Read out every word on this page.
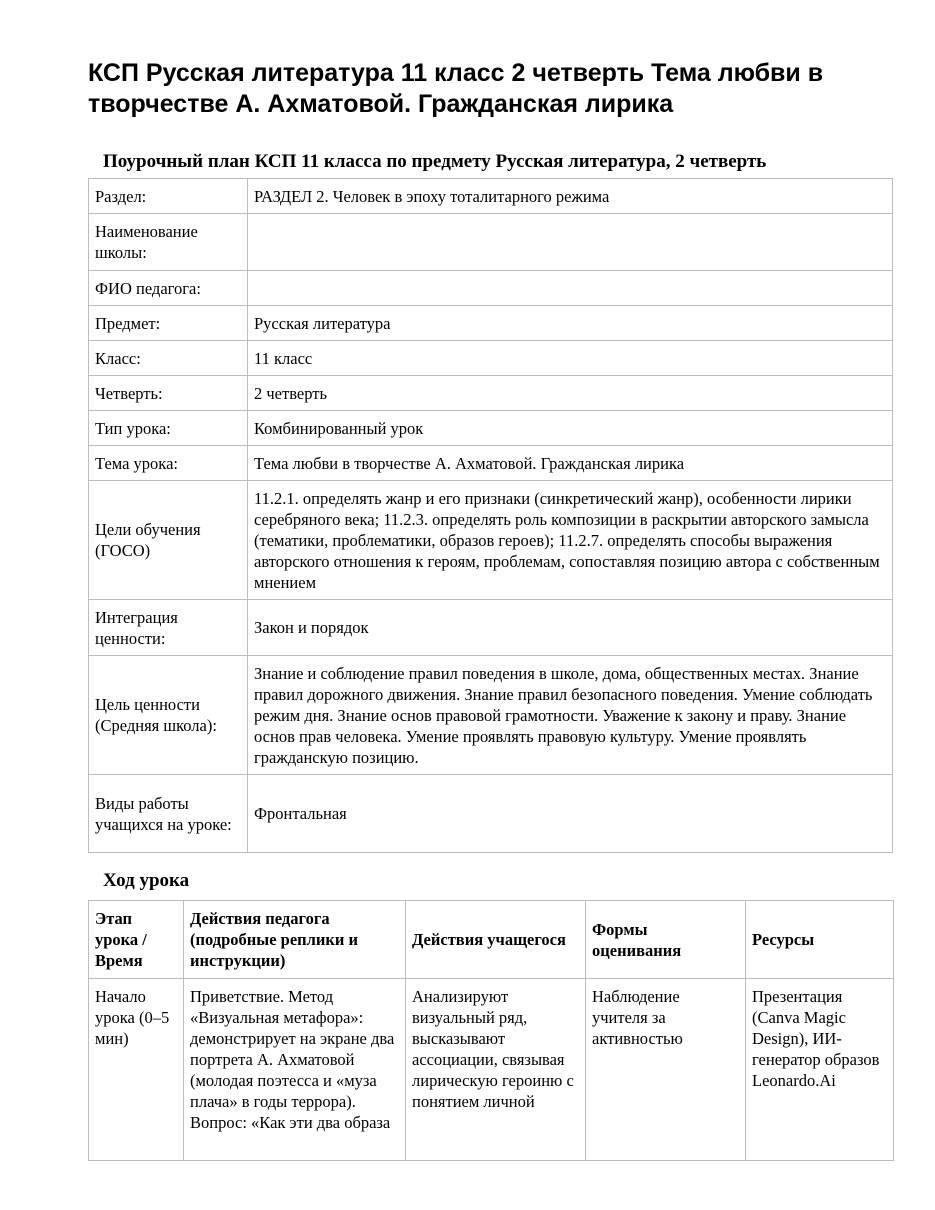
КСП Русская литература 11 класс 2 четверть Тема любви в творчестве А. Ахматовой. Гражданская лирика
Поурочный план КСП 11 класса по предмету Русская литература, 2 четверть
Раздел:	РАЗДЕЛ 2. Человек в эпоху тоталитарного режима
Наименование школы:	
ФИО педагога:	
Предмет:	Русская литература
Класс:	11 класс
Четверть:	2 четверть
Тип урока:	Комбинированный урок
Тема урока:	Тема любви в творчестве А. Ахматовой. Гражданская лирика
Цели обучения (ГОСО)	11.2.1. определять жанр и его признаки (синкретический жанр), особенности лирики серебряного века; 11.2.3. определять роль композиции в раскрытии авторского замысла (тематики, проблематики, образов героев); 11.2.7. определять способы выражения авторского отношения к героям, проблемам, сопоставляя позицию автора с собственным мнением
Интеграция ценности:	Закон и порядок
Цель ценности (Средняя школа):	Знание и соблюдение правил поведения в школе, дома, общественных местах. Знание правил дорожного движения. Знание правил безопасного поведения. Умение соблюдать режим дня. Знание основ правовой грамотности. Уважение к закону и праву. Знание основ прав человека. Умение проявлять правовую культуру. Умение проявлять гражданскую позицию.
Виды работы учащихся на уроке:	Фронтальная
Ход урока
Этап урока / Время	Действия педагога (подробные реплики и инструкции)	Действия учащегося	Формы оценивания	Ресурсы
Начало урока (0–5 мин)	Приветствие. Метод «Визуальная метафора»: демонстрирует на экране два портрета А. Ахматовой (молодая поэтесса и «муза плача» в годы террора). Вопрос: «Как эти два образа	Анализируют визуальный ряд, высказывают ассоциации, связывая лирическую героиню с понятием личной	Наблюдение учителя за активностью	Презентация (Canva Magic Design), ИИ-генератор образов Leonardo.Ai
